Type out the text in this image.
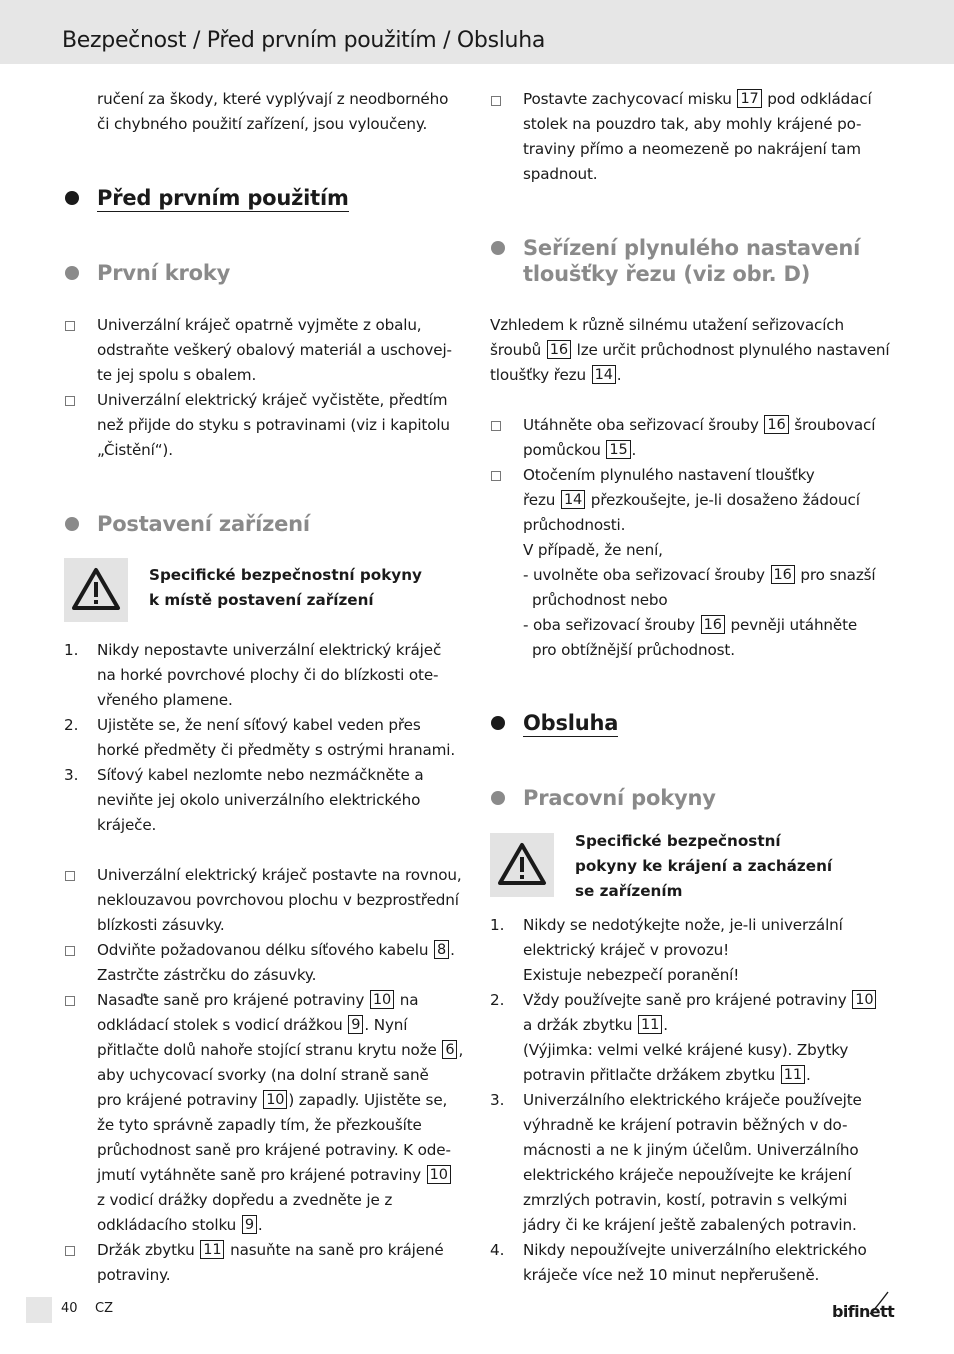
Bezpečnost / Před prvním použitím / Obsluha
ručení za škody, které vyplývají z neodborného
či chybného použití zařízení, jsou vyloučeny.
Před prvním použitím
První kroky
Univerzální kráječ opatrně vyjměte z obalu,
odstraňte veškerý obalový materiál a uschovej-
te jej spolu s obalem.
Univerzální elektrický kráječ vyčistěte, předtím
než přijde do styku s potravinami (viz i kapitolu
„Čistění“).
Postavení zařízení
Specifické bezpečnostní pokyny
k místě postavení zařízení
1. Nikdy nepostavte univerzální elektrický kráječ
na horké povrchové plochy či do blízkosti ote-
vřeného plamene.
2. Ujistěte se, že není síťový kabel veden přes
horké předměty či předměty s ostrými hranami.
3. Síťový kabel nezlomte nebo nezmáčkněte a
neviňte jej okolo univerzálního elektrického
kráječe.
Univerzální elektrický kráječ postavte na rovnou,
neklouzavou povrchovou plochu v bezprostřední
blízkosti zásuvky.
Odviňte požadovanou délku síťového kabelu 8 .
Zastrčte zástrčku do zásuvky.
Nasaďte saně pro krájené potraviny 10 na
odkládací stolek s vodicí drážkou 9 . Nyní
přitlačte dolů nahoře stojící stranu krytu nože 6 ,
aby uchycovací svorky (na dolní straně saně
pro krájené potraviny 10 ) zapadly. Ujistěte se,
že tyto správně zapadly tím, že přezkoušíte
průchodnost saně pro krájené potraviny. K ode-
jmutí vytáhněte saně pro krájené potraviny 10
z vodicí drážky dopředu a zvedněte je z
odkládacího stolku 9 .
Držák zbytku 11 nasuňte na saně pro krájené
potraviny.
Postavte zachycovací misku 17 pod odkládací
stolek na pouzdro tak, aby mohly krájené po-
traviny přímo a neomezeně po nakrájení tam
spadnout.
Seřízení plynulého nastavení
tloušťky řezu (viz obr. D)
Vzhledem k různě silnému utažení seřizovacích
šroubů 16 lze určit průchodnost plynulého nastavení
tloušťky řezu 14 .
Utáhněte oba seřizovací šrouby 16 šroubovací
pomůckou 15 .
Otočením plynulého nastavení tloušťky
řezu 14 přezkoušejte, je-li dosaženo žádoucí
průchodnosti.
V případě, že není,
- uvolněte oba seřizovací šrouby 16 pro snazší
průchodnost nebo
- oba seřizovací šrouby 16 pevněji utáhněte
pro obtížnější průchodnost.
Obsluha
Pracovní pokyny
Specifické bezpečnostní
pokyny ke krájení a zacházení
se zařízením
1. Nikdy se nedotýkejte nože, je-li univerzální
elektrický kráječ v provozu!
Existuje nebezpečí poranění!
2. Vždy používejte saně pro krájené potraviny 10
a držák zbytku 11 .
(Výjimka: velmi velké krájené kusy). Zbytky
potravin přitlačte držákem zbytku 11 .
3. Univerzálního elektrického kráječe používejte
výhradně ke krájení potravin běžných v do-
mácnosti a ne k jiným účelům. Univerzálního
elektrického kráječe nepoužívejte ke krájení
zmrzlých potravin, kostí, potravin s velkými
jádry či ke krájení ještě zabalených potravin.
4. Nikdy nepoužívejte univerzálního elektrického
kráječe více než 10 minut nepřerušeně.
40 CZ	bifinett
